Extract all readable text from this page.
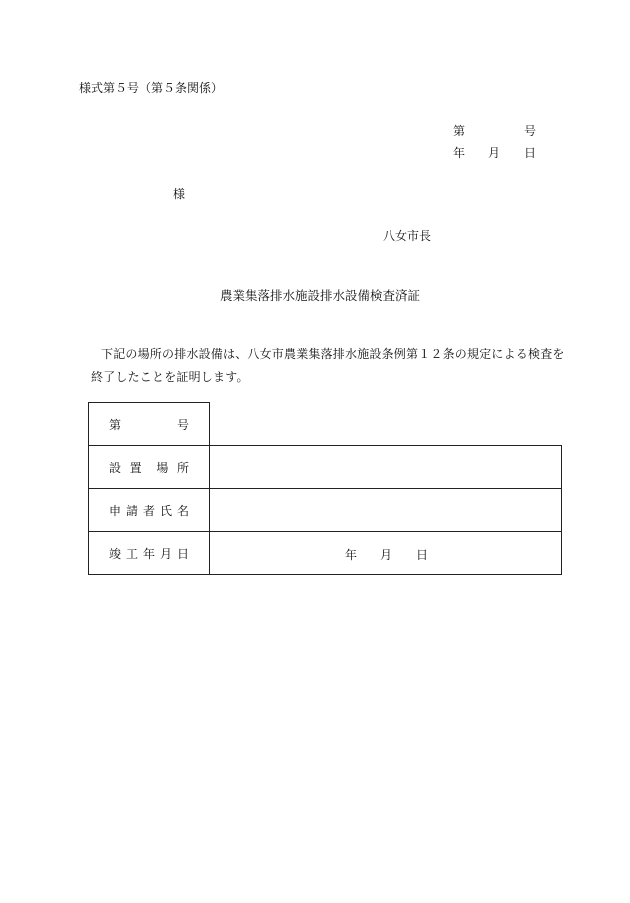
様式第５号（第５条関係）
第	号
年 月 日
様
八女市長
農業集落排水施設排水設備検査済証
下記の場所の排水設備は、八女市農業集落排水施設条例第１２条の規定による検査を
終了したことを証明します。
第 号	

設 置 場 所	

申 請 者 氏 名	

竣 工 年 月 日	年 月 日
